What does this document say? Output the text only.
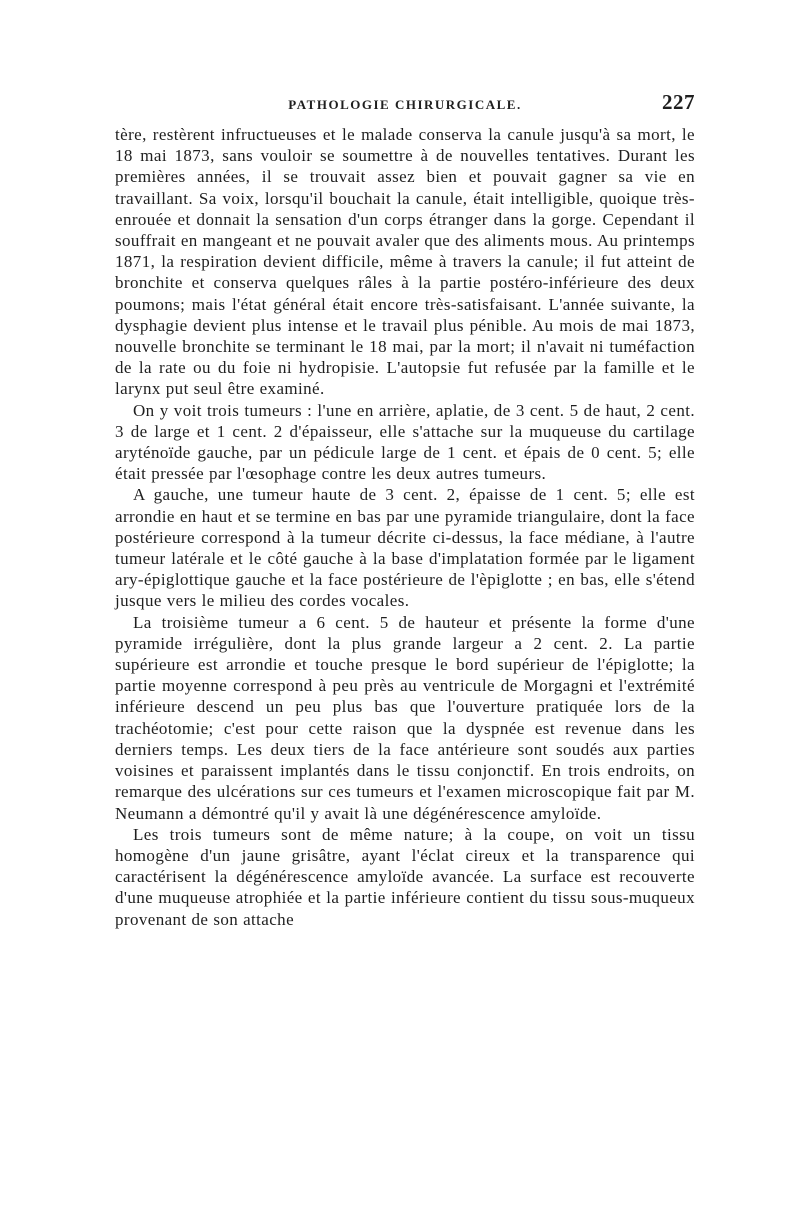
PATHOLOGIE CHIRURGICALE.	227

tère, restèrent infructueuses et le malade conserva la canule jusqu'à sa mort, le 18 mai 1873, sans vouloir se soumettre à de nouvelles tentatives. Durant les premières années, il se trouvait assez bien et pouvait gagner sa vie en travaillant. Sa voix, lorsqu'il bouchait la canule, était intelligible, quoique très-enrouée et donnait la sensation d'un corps étranger dans la gorge. Cependant il souffrait en mangeant et ne pouvait avaler que des aliments mous. Au printemps 1871, la respiration devient difficile, même à travers la canule; il fut atteint de bronchite et conserva quelques râles à la partie postéro-inférieure des deux poumons; mais l'état général était encore très-satisfaisant. L'année suivante, la dysphagie devient plus intense et le travail plus pénible. Au mois de mai 1873, nouvelle bronchite se terminant le 18 mai, par la mort; il n'avait ni tuméfaction de la rate ou du foie ni hydropisie. L'autopsie fut refusée par la famille et le larynx put seul être examiné.

On y voit trois tumeurs : l'une en arrière, aplatie, de 3 cent. 5 de haut, 2 cent. 3 de large et 1 cent. 2 d'épaisseur, elle s'attache sur la muqueuse du cartilage aryténoïde gauche, par un pédicule large de 1 cent. et épais de 0 cent. 5; elle était pressée par l'œsophage contre les deux autres tumeurs.

A gauche, une tumeur haute de 3 cent. 2, épaisse de 1 cent. 5; elle est arrondie en haut et se termine en bas par une pyramide triangulaire, dont la face postérieure correspond à la tumeur décrite ci-dessus, la face médiane, à l'autre tumeur latérale et le côté gauche à la base d'implatation formée par le ligament ary-épiglottique gauche et la face postérieure de l'èpiglotte ; en bas, elle s'étend jusque vers le milieu des cordes vocales.

La troisième tumeur a 6 cent. 5 de hauteur et présente la forme d'une pyramide irrégulière, dont la plus grande largeur a 2 cent. 2. La partie supérieure est arrondie et touche presque le bord supérieur de l'épiglotte; la partie moyenne correspond à peu près au ventricule de Morgagni et l'extrémité inférieure descend un peu plus bas que l'ouverture pratiquée lors de la trachéotomie; c'est pour cette raison que la dyspnée est revenue dans les derniers temps. Les deux tiers de la face antérieure sont soudés aux parties voisines et paraissent implantés dans le tissu conjonctif. En trois endroits, on remarque des ulcérations sur ces tumeurs et l'examen microscopique fait par M. Neumann a démontré qu'il y avait là une dégénérescence amyloïde.

Les trois tumeurs sont de même nature; à la coupe, on voit un tissu homogène d'un jaune grisâtre, ayant l'éclat cireux et la transparence qui caractérisent la dégénérescence amyloïde avancée. La surface est recouverte d'une muqueuse atrophiée et la partie inférieure contient du tissu sous-muqueux provenant de son attache
